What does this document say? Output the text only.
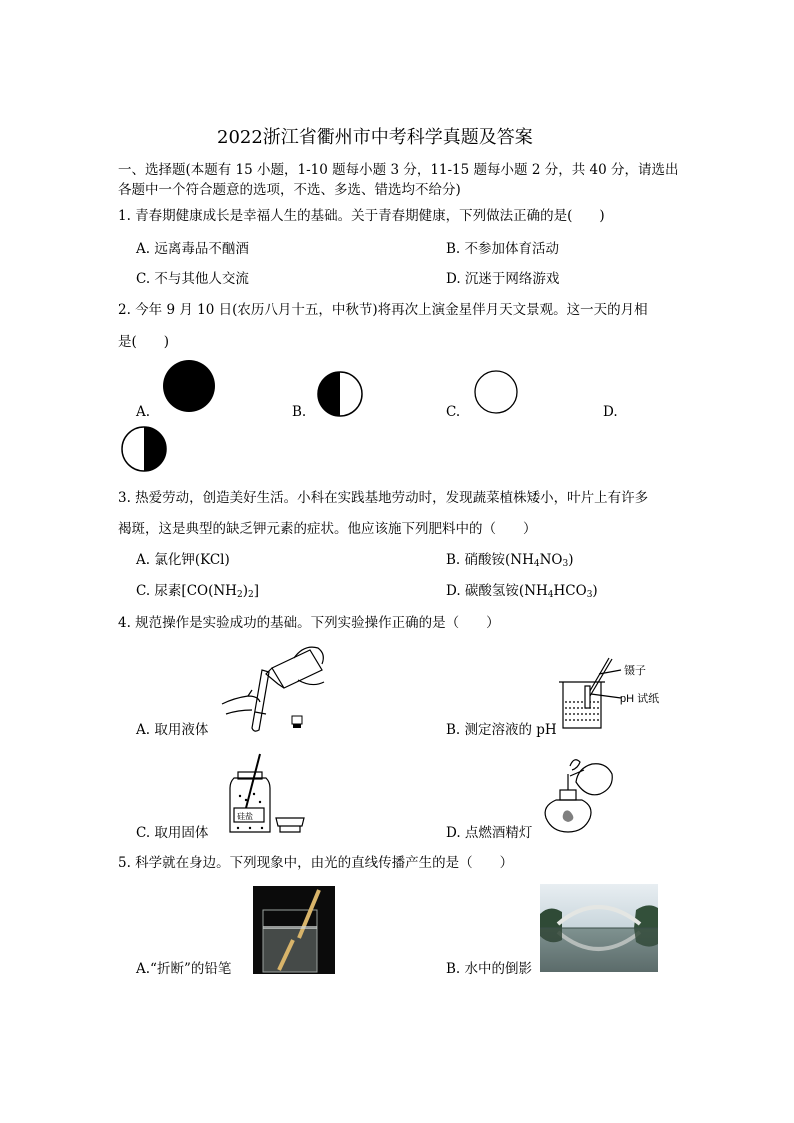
2022浙江省衢州市中考科学真题及答案
一、选择题(本题有 15 小题，1-10 题每小题 3 分，11-15 题每小题 2 分，共 40 分，请选出
各题中一个符合题意的选项，不选、多选、错选均不给分)
1. 青春期健康成长是幸福人生的基础。关于青春期健康，下列做法正确的是(　　)
A. 远离毒品不酗酒	B. 不参加体育活动
C. 不与其他人交流	D. 沉迷于网络游戏
2. 今年 9 月 10 日(农历八月十五，中秋节)将再次上演金星伴月天文景观。这一天的月相
是(　　)
A.	B.	C.	D.
3. 热爱劳动，创造美好生活。小科在实践基地劳动时，发现蔬菜植株矮小，叶片上有许多
褐斑，这是典型的缺乏钾元素的症状。他应该施下列肥料中的（　　）
A. 氯化钾(KCl)	B. 硝酸铵$(NH_4NO_3)$
C. 尿素$[CO(NH_2)_2]$	D. 碳酸氢铵$(NH_4HCO_3)$
4. 规范操作是实验成功的基础。下列实验操作正确的是（　　）
A. 取用液体
镊子
pH 试纸
B. 测定溶液的 pH
硅盐
C. 取用固体	D. 点燃酒精灯
5. 科学就在身边。下列现象中，由光的直线传播产生的是（　　）
A.“折断”的铅笔	B. 水中的倒影
